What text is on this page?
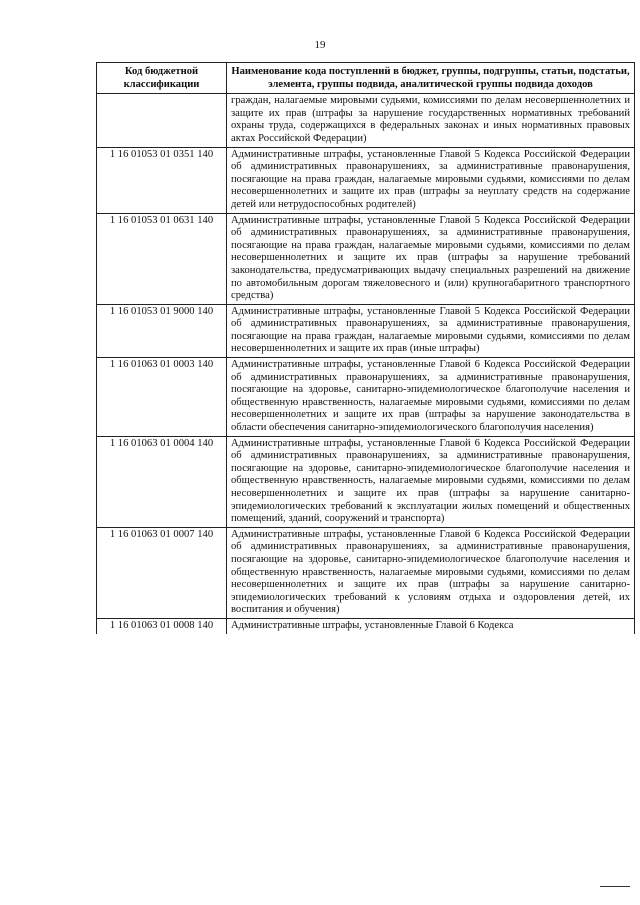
19
Код бюджетной классификации	Наименование кода поступлений в бюджет, группы, подгруппы, статьи, подстатьи, элемента, группы подвида, аналитической группы подвида доходов
	граждан, налагаемые мировыми судьями, комиссиями по делам несовершеннолетних и защите их прав (штрафы за нарушение государственных нормативных требований охраны труда, содержащихся в федеральных законах и иных нормативных правовых актах Российской Федерации)
1 16 01053 01 0351 140	Административные штрафы, установленные Главой 5 Кодекса Российской Федерации об административных правонарушениях, за административные правонарушения, посягающие на права граждан, налагаемые мировыми судьями, комиссиями по делам несовершеннолетних и защите их прав (штрафы за неуплату средств на содержание детей или нетрудоспособных родителей)
1 16 01053 01 0631 140	Административные штрафы, установленные Главой 5 Кодекса Российской Федерации об административных правонарушениях, за административные правонарушения, посягающие на права граждан, налагаемые мировыми судьями, комиссиями по делам несовершеннолетних и защите их прав (штрафы за нарушение требований законодательства, предусматривающих выдачу специальных разрешений на движение по автомобильным дорогам тяжеловесного и (или) крупногабаритного транспортного средства)
1 16 01053 01 9000 140	Административные штрафы, установленные Главой 5 Кодекса Российской Федерации об административных правонарушениях, за административные правонарушения, посягающие на права граждан, налагаемые мировыми судьями, комиссиями по делам несовершеннолетних и защите их прав (иные штрафы)
1 16 01063 01 0003 140	Административные штрафы, установленные Главой 6 Кодекса Российской Федерации об административных правонарушениях, за административные правонарушения, посягающие на здоровье, санитарно-эпидемиологическое благополучие населения и общественную нравственность, налагаемые мировыми судьями, комиссиями по делам несовершеннолетних и защите их прав (штрафы за нарушение законодательства в области обеспечения санитарно-эпидемиологического благополучия населения)
1 16 01063 01 0004 140	Административные штрафы, установленные Главой 6 Кодекса Российской Федерации об административных правонарушениях, за административные правонарушения, посягающие на здоровье, санитарно-эпидемиологическое благополучие населения и общественную нравственность, налагаемые мировыми судьями, комиссиями по делам несовершеннолетних и защите их прав (штрафы за нарушение санитарно-эпидемиологических требований к эксплуатации жилых помещений и общественных помещений, зданий, сооружений и транспорта)
1 16 01063 01 0007 140	Административные штрафы, установленные Главой 6 Кодекса Российской Федерации об административных правонарушениях, за административные правонарушения, посягающие на здоровье, санитарно-эпидемиологическое благополучие населения и общественную нравственность, налагаемые мировыми судьями, комиссиями по делам несовершеннолетних и защите их прав (штрафы за нарушение санитарно-эпидемиологических требований к условиям отдыха и оздоровления детей, их воспитания и обучения)
1 16 01063 01 0008 140	Административные штрафы, установленные Главой 6 Кодекса
